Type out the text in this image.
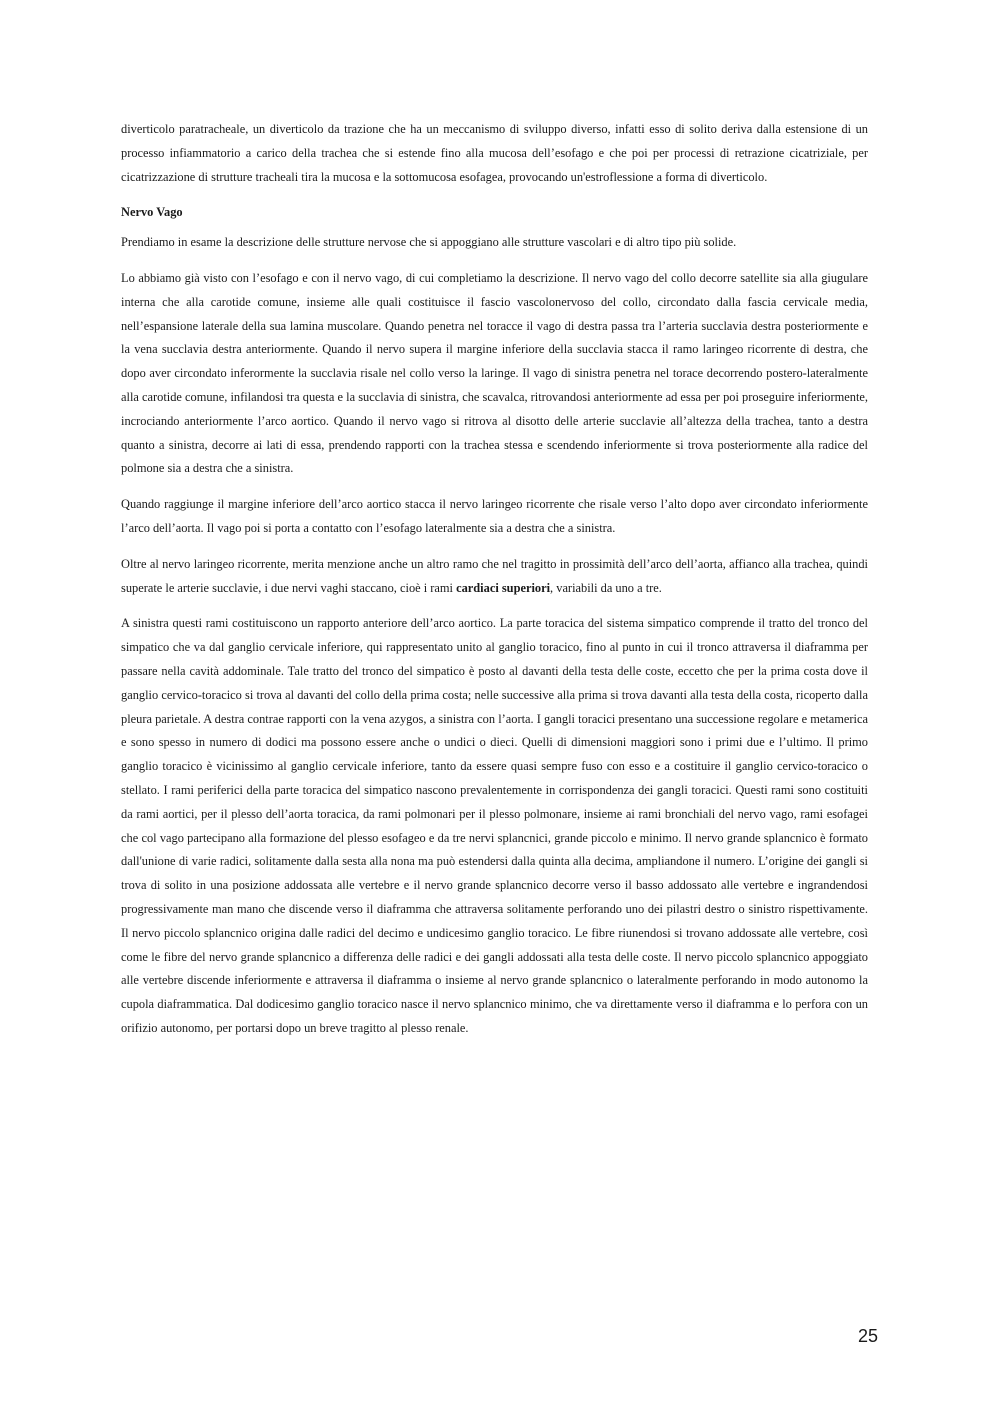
diverticolo paratracheale, un diverticolo da trazione che ha un meccanismo di sviluppo diverso, infatti esso di solito deriva dalla estensione di un processo infiammatorio a carico della trachea che si estende fino alla mucosa dell’esofago e che poi per processi di retrazione cicatriziale, per cicatrizzazione di strutture tracheali tira la mucosa e la sottomucosa esofagea, provocando un'estroflessione a forma di diverticolo.

Nervo Vago

Prendiamo in esame la descrizione delle strutture nervose che si appoggiano alle strutture vascolari e di altro tipo più solide.

Lo abbiamo già visto con l’esofago e con il nervo vago, di cui completiamo la descrizione. Il nervo vago del collo decorre satellite sia alla giugulare interna che alla carotide comune, insieme alle quali costituisce il fascio vascolonervoso del collo, circondato dalla fascia cervicale media, nell’espansione laterale della sua lamina muscolare. Quando penetra nel toracce il vago di destra passa tra l’arteria succlavia destra posteriormente e la vena succlavia destra anteriormente. Quando il nervo supera il margine inferiore della succlavia stacca il ramo laringeo ricorrente di destra, che dopo aver circondato inferormente la succlavia risale nel collo verso la laringe. Il vago di sinistra penetra nel torace decorrendo postero-lateralmente alla carotide comune, infilandosi tra questa e la succlavia di sinistra, che scavalca, ritrovandosi anteriormente ad essa per poi proseguire inferiormente, incrociando anteriormente l’arco aortico. Quando il nervo vago si ritrova al disotto delle arterie succlavie all’altezza della trachea, tanto a destra quanto a sinistra, decorre ai lati di essa, prendendo rapporti con la trachea stessa e scendendo inferiormente si trova posteriormente alla radice del polmone sia a destra che a sinistra.

Quando raggiunge il margine inferiore dell’arco aortico stacca il nervo laringeo ricorrente che risale verso l’alto dopo aver circondato inferiormente l’arco dell’aorta. Il vago poi si porta a contatto con l’esofago lateralmente sia a destra che a sinistra.

Oltre al nervo laringeo ricorrente, merita menzione anche un altro ramo che nel tragitto in prossimità dell’arco dell’aorta, affianco alla trachea, quindi superate le arterie succlavie, i due nervi vaghi staccano, cioè i rami cardiaci superiori, variabili da uno a tre.

A sinistra questi rami costituiscono un rapporto anteriore dell’arco aortico. La parte toracica del sistema simpatico comprende il tratto del tronco del simpatico che va dal ganglio cervicale inferiore, qui rappresentato unito al ganglio toracico, fino al punto in cui il tronco attraversa il diaframma per passare nella cavità addominale. Tale tratto del tronco del simpatico è posto al davanti della testa delle coste, eccetto che per la prima costa dove il ganglio cervico-toracico si trova al davanti del collo della prima costa; nelle successive alla prima si trova davanti alla testa della costa, ricoperto dalla pleura parietale. A destra contrae rapporti con la vena azygos, a sinistra con l’aorta. I gangli toracici presentano una successione regolare e metamerica e sono spesso in numero di dodici ma possono essere anche o undici o dieci. Quelli di dimensioni maggiori sono i primi due e l’ultimo. Il primo ganglio toracico è vicinissimo al ganglio cervicale inferiore, tanto da essere quasi sempre fuso con esso e a costituire il ganglio cervico-toracico o stellato. I rami periferici della parte toracica del simpatico nascono prevalentemente in corrispondenza dei gangli toracici. Questi rami sono costituiti da rami aortici, per il plesso dell’aorta toracica, da rami polmonari per il plesso polmonare, insieme ai rami bronchiali del nervo vago, rami esofagei che col vago partecipano alla formazione del plesso esofageo e da tre nervi splancnici, grande piccolo e minimo. Il nervo grande splancnico è formato dall'unione di varie radici, solitamente dalla sesta alla nona ma può estendersi dalla quinta alla decima, ampliandone il numero. L’origine dei gangli si trova di solito in una posizione addossata alle vertebre e il nervo grande splancnico decorre verso il basso addossato alle vertebre e ingrandendosi progressivamente man mano che discende verso il diaframma che attraversa solitamente perforando uno dei pilastri destro o sinistro rispettivamente. Il nervo piccolo splancnico origina dalle radici del decimo e undicesimo ganglio toracico. Le fibre riunendosi si trovano addossate alle vertebre, così come le fibre del nervo grande splancnico a differenza delle radici e dei gangli addossati alla testa delle coste. Il nervo piccolo splancnico appoggiato alle vertebre discende inferiormente e attraversa il diaframma o insieme al nervo grande splancnico o lateralmente perforando in modo autonomo la cupola diaframmatica. Dal dodicesimo ganglio toracico nasce il nervo splancnico minimo, che va direttamente verso il diaframma e lo perfora con un orifizio autonomo, per portarsi dopo un breve tragitto al plesso renale.

25
